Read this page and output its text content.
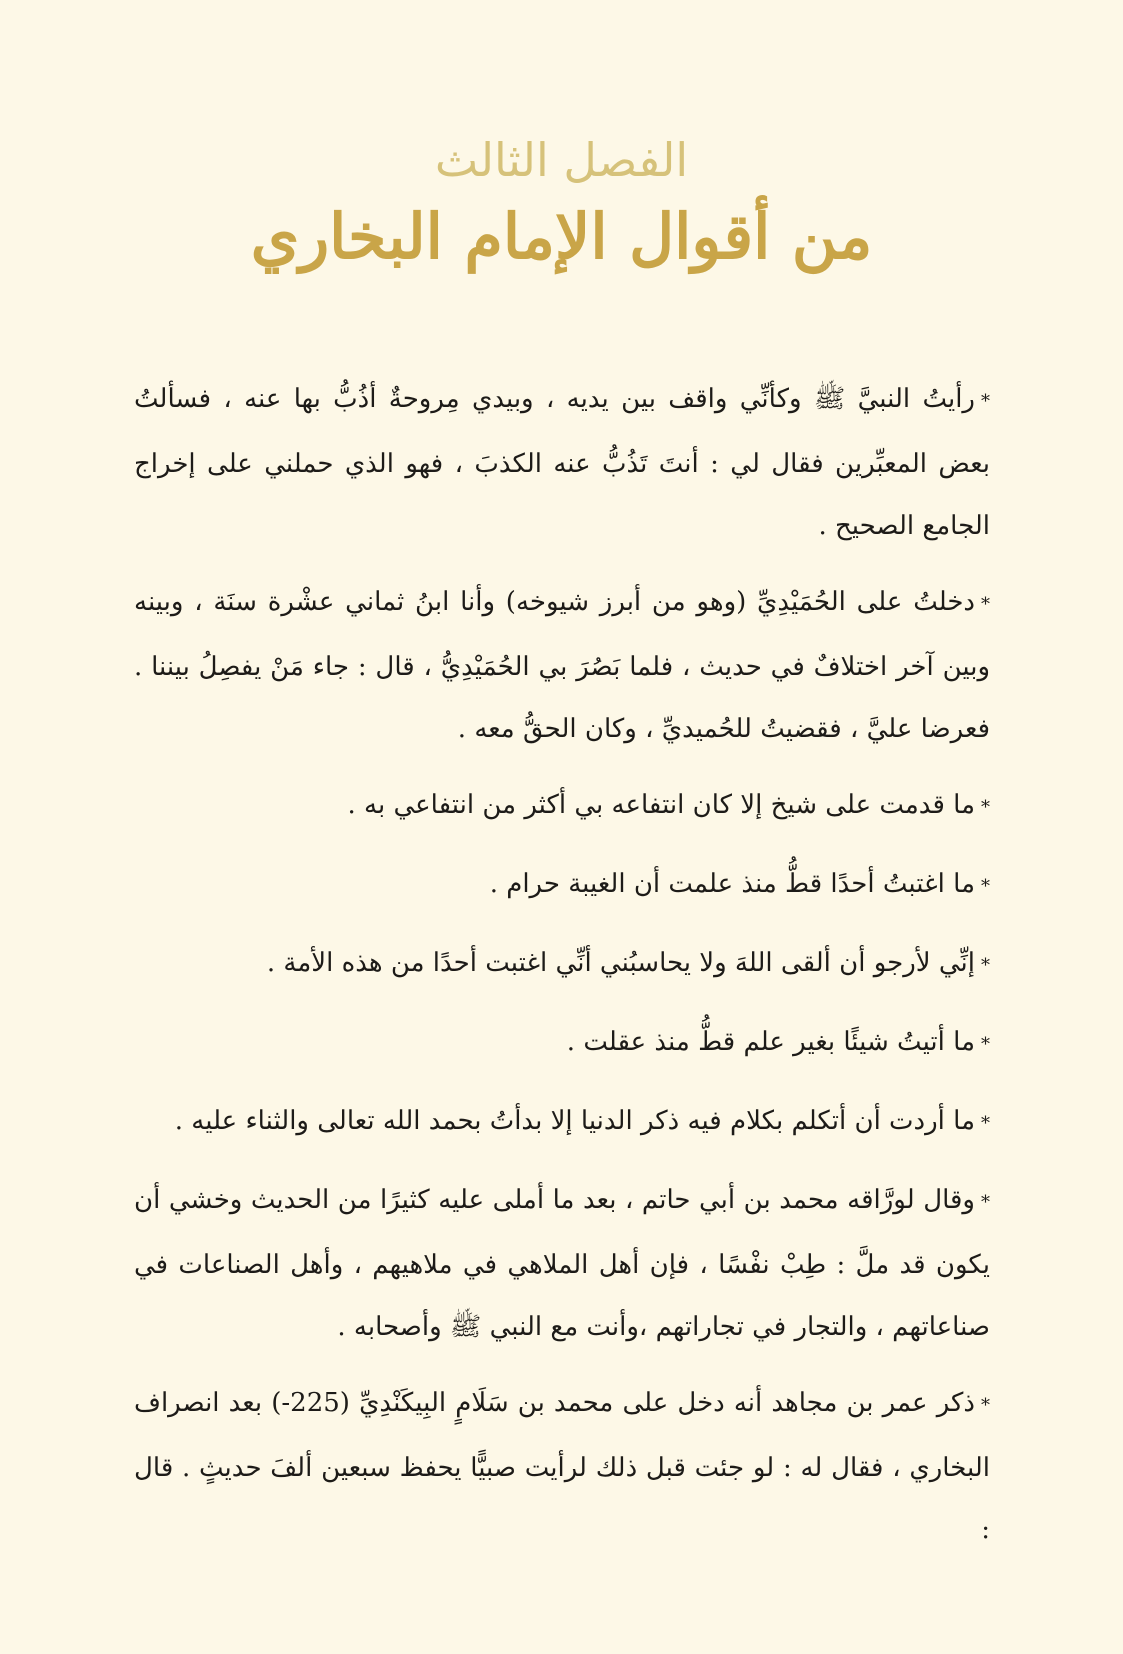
الفصل الثالث
من أقوال الإمام البخاري

*رأيتُ النبيَّ ﷺ وكأنِّي واقف بين يديه ، وبيدي مِروحةٌ أذُبُّ بها عنه ، فسألتُ بعض المعبِّرين فقال لي : أنتَ تَذُبُّ عنه الكذبَ ، فهو الذي حملني على إخراج الجامع الصحيح .

*دخلتُ على الحُمَيْدِيِّ (وهو من أبرز شيوخه) وأنا ابنُ ثماني عشْرة سنَة ، وبينه وبين آخر اختلافٌ في حديث ، فلما بَصُرَ بي الحُمَيْدِيُّ ، قال : جاء مَنْ يفصِلُ بيننا . فعرضا عليَّ ، فقضيتُ للحُميديِّ ، وكان الحقُّ معه .

*ما قدمت على شيخ إلا كان انتفاعه بي أكثر من انتفاعي به .

*ما اغتبتُ أحدًا قطُّ منذ علمت أن الغيبة حرام .

*إنِّي لأرجو أن ألقى اللهَ ولا يحاسبُني أنِّي اغتبت أحدًا من هذه الأمة .

*ما أتيتُ شيئًا بغير علم قطُّ منذ عقلت .

*ما أردت أن أتكلم بكلام فيه ذكر الدنيا إلا بدأتُ بحمد الله تعالى والثناء عليه .

*وقال لورَّاقه محمد بن أبي حاتم ، بعد ما أملى عليه كثيرًا من الحديث وخشي أن يكون قد ملَّ : طِبْ نفْسًا ، فإن أهل الملاهي في ملاهيهم ، وأهل الصناعات في صناعاتهم ، والتجار في تجاراتهم ،وأنت مع النبي ﷺ وأصحابه .

*ذكر عمر بن مجاهد أنه دخل على محمد بن سَلَامٍ البِيكَنْدِيِّ (225-) بعد انصراف البخاري ، فقال له : لو جئت قبل ذلك لرأيت صبيًّا يحفظ سبعين ألفَ حديثٍ . قال :
